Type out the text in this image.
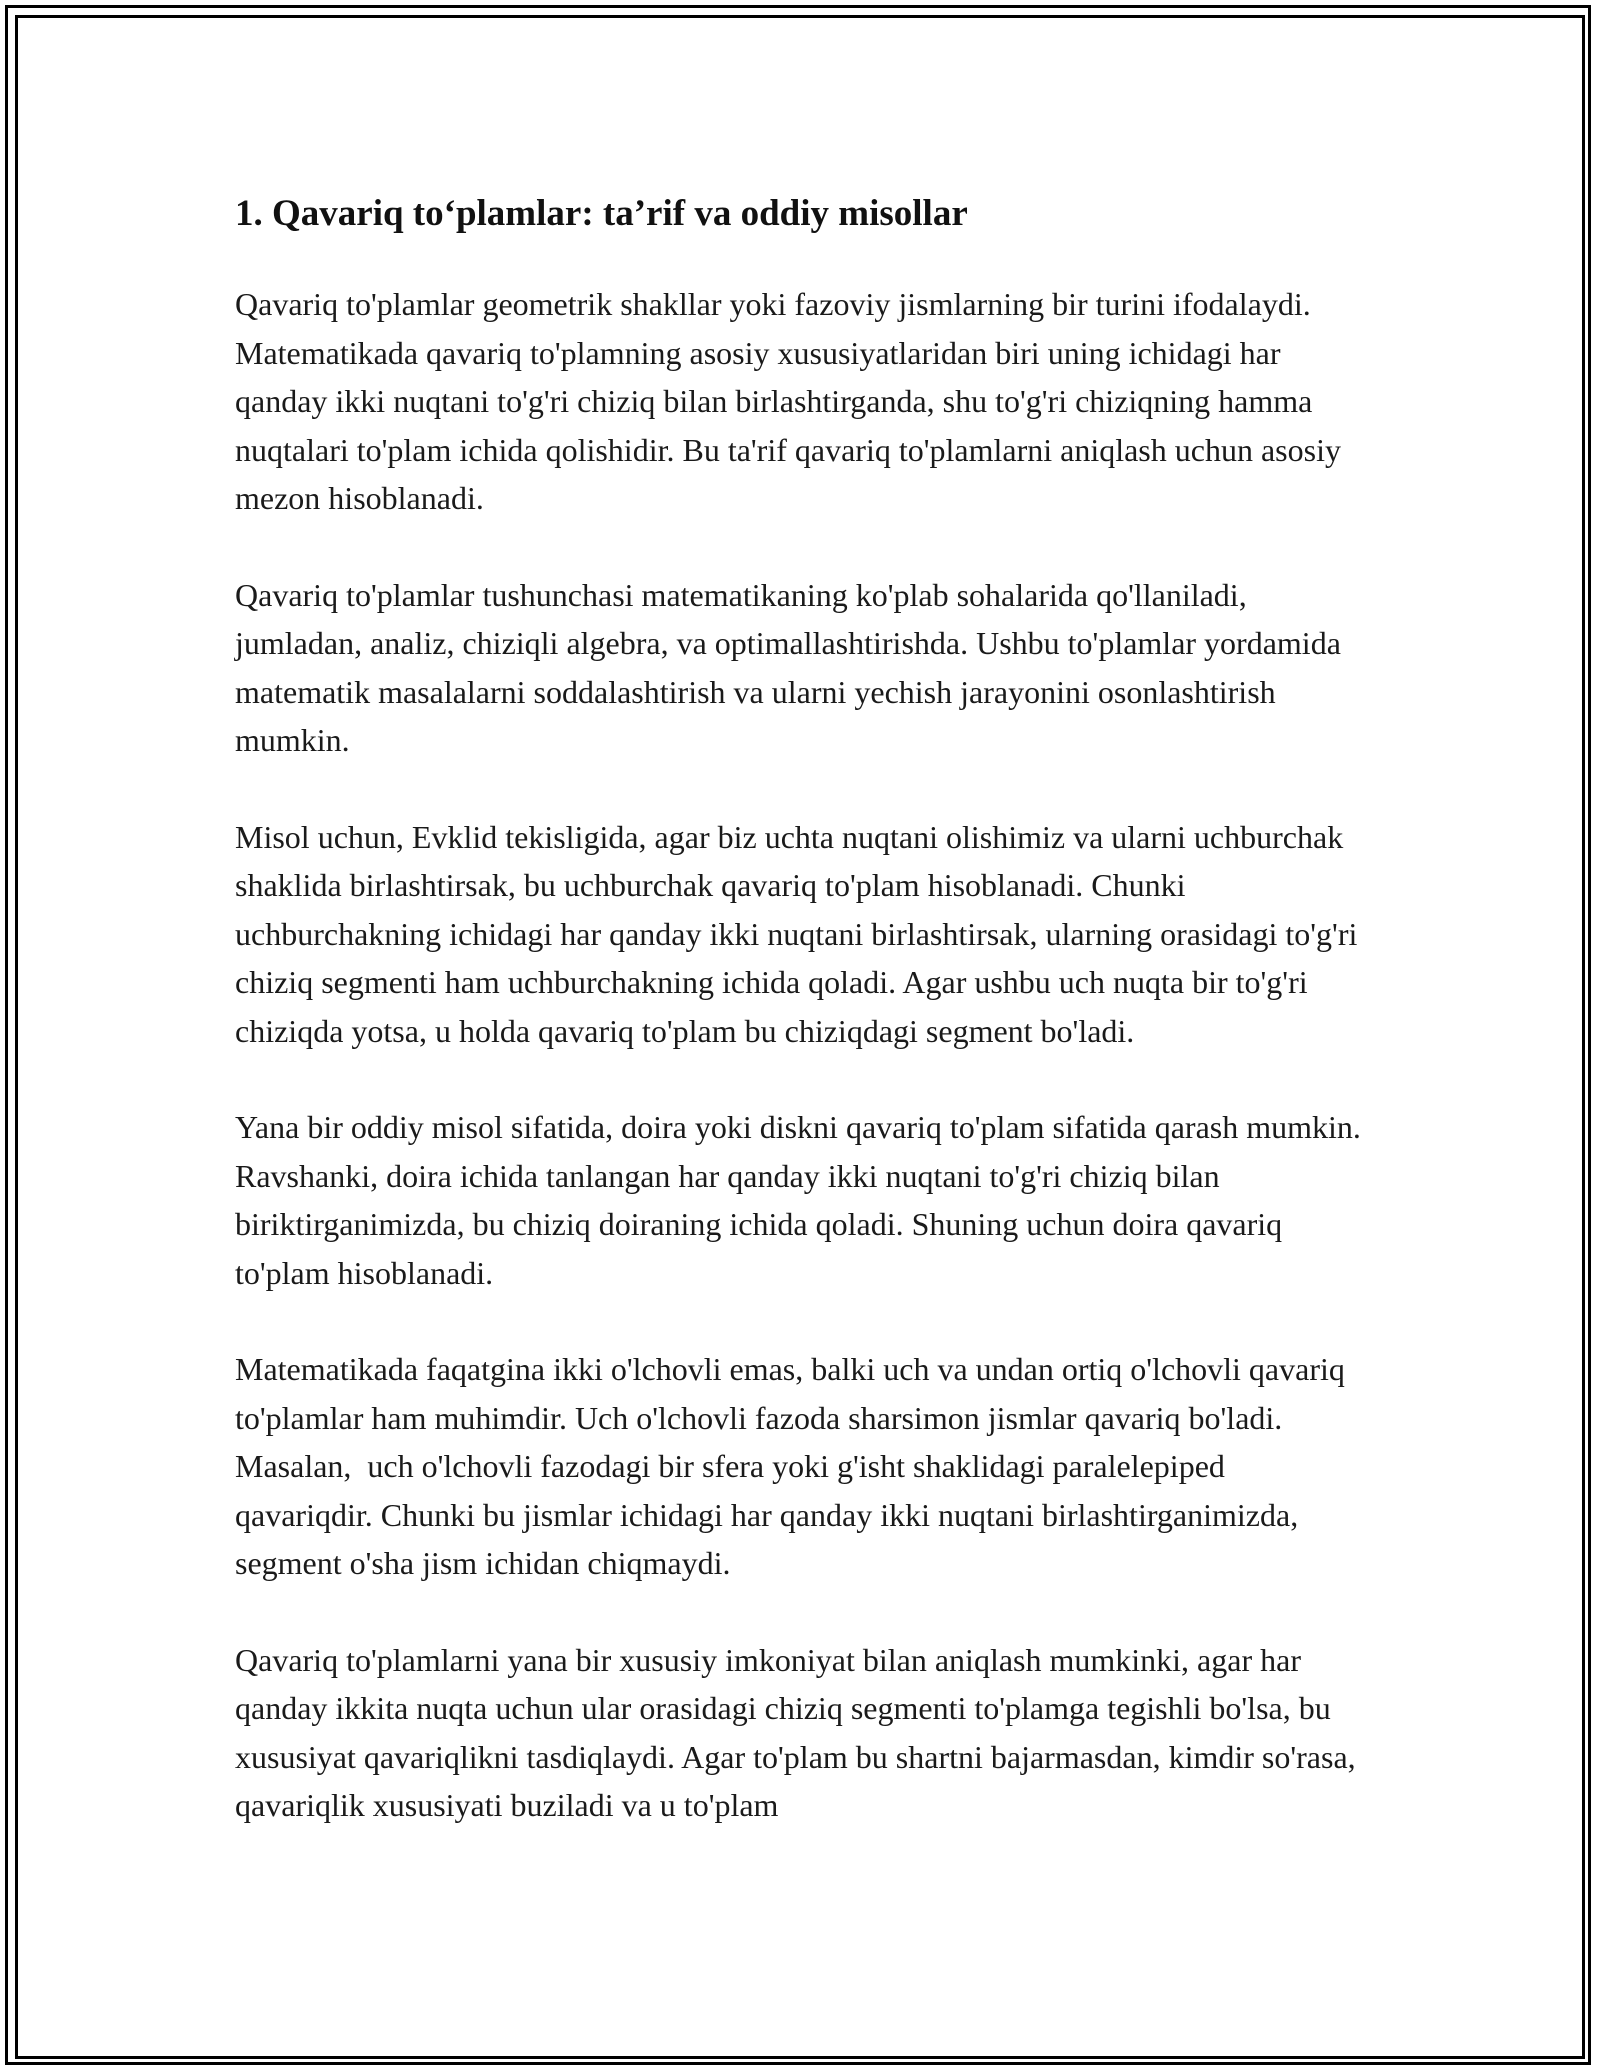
1. Qavariq to‘plamlar: ta’rif va oddiy misollar

Qavariq to'plamlar geometrik shakllar yoki fazoviy jismlarning bir turini ifodalaydi. Matematikada qavariq to'plamning asosiy xususiyatlaridan biri uning ichidagi har qanday ikki nuqtani to'g'ri chiziq bilan birlashtirganda, shu to'g'ri chiziqning hamma nuqtalari to'plam ichida qolishidir. Bu ta'rif qavariq to'plamlarni aniqlash uchun asosiy mezon hisoblanadi.

Qavariq to'plamlar tushunchasi matematikaning ko'plab sohalarida qo'llaniladi, jumladan, analiz, chiziqli algebra, va optimallashtirishda. Ushbu to'plamlar yordamida matematik masalalarni soddalashtirish va ularni yechish jarayonini osonlashtirish mumkin.

Misol uchun, Evklid tekisligida, agar biz uchta nuqtani olishimiz va ularni uchburchak shaklida birlashtirsak, bu uchburchak qavariq to'plam hisoblanadi. Chunki uchburchakning ichidagi har qanday ikki nuqtani birlashtirsak, ularning orasidagi to'g'ri chiziq segmenti ham uchburchakning ichida qoladi. Agar ushbu uch nuqta bir to'g'ri chiziqda yotsa, u holda qavariq to'plam bu chiziqdagi segment bo'ladi.

Yana bir oddiy misol sifatida, doira yoki diskni qavariq to'plam sifatida qarash mumkin. Ravshanki, doira ichida tanlangan har qanday ikki nuqtani to'g'ri chiziq bilan biriktirganimizda, bu chiziq doiraning ichida qoladi. Shuning uchun doira qavariq to'plam hisoblanadi.

Matematikada faqatgina ikki o'lchovli emas, balki uch va undan ortiq o'lchovli qavariq to'plamlar ham muhimdir. Uch o'lchovli fazoda sharsimon jismlar qavariq bo'ladi. Masalan,  uch o'lchovli fazodagi bir sfera yoki g'isht shaklidagi paralelepiped qavariqdir. Chunki bu jismlar ichidagi har qanday ikki nuqtani birlashtirganimizda, segment o'sha jism ichidan chiqmaydi.

Qavariq to'plamlarni yana bir xususiy imkoniyat bilan aniqlash mumkinki, agar har qanday ikkita nuqta uchun ular orasidagi chiziq segmenti to'plamga tegishli bo'lsa, bu xususiyat qavariqlikni tasdiqlaydi. Agar to'plam bu shartni bajarmasdan, kimdir so'rasa, qavariqlik xususiyati buziladi va u to'plam
